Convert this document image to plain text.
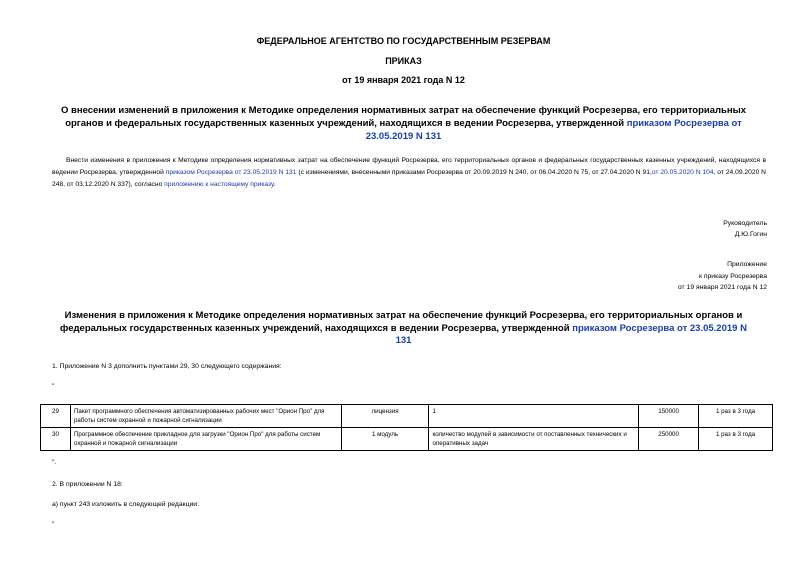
ФЕДЕРАЛЬНОЕ АГЕНТСТВО ПО ГОСУДАРСТВЕННЫМ РЕЗЕРВАМ
ПРИКАЗ
от 19 января 2021 года N 12
О внесении изменений в приложения к Методике определения нормативных затрат на обеспечение функций Росрезерва, его территориальных органов и федеральных государственных казенных учреждений, находящихся в ведении Росрезерва, утвержденной приказом Росрезерва от 23.05.2019 N 131
Внести изменения в приложения к Методике определения нормативных затрат на обеспечение функций Росрезерва, его территориальных органов и федеральных государственных казенных учреждений, находящихся в ведении Росрезерва, утвержденной приказом Росрезерва от 23.05.2019 N 131 (с изменениями, внесенными приказами Росрезерва от 20.09.2019 N 240, от 06.04.2020 N 75, от 27.04.2020 N 91,от 20.05.2020 N 104, от 24.09.2020 N 248, от 03.12.2020 N 337), согласно приложению к настоящему приказу.
Руководитель
Д.Ю.Гогин
Приложение
к приказу Росрезерва
от 19 января 2021 года N 12
Изменения в приложения к Методике определения нормативных затрат на обеспечение функций Росрезерва, его территориальных органов и федеральных государственных казенных учреждений, находящихся в ведении Росрезерва, утвержденной приказом Росрезерва от 23.05.2019 N 131
1. Приложение N 3 дополнить пунктами 29, 30 следующего содержания:
"
29	Пакет программного обеспечения автоматизированных рабочих мест "Орион Про" для работы систем охранной и пожарной сигнализации	лицензия	1	150000	1 раз в 3 года
30	Программное обеспечение прикладное для загрузки "Орион Про" для работы систем охранной и пожарной сигнализации	1 модуль	количество модулей в зависимости от поставленных технических и оперативных задач	250000	1 раз в 3 года
".
2. В приложении N 18:
а) пункт 243 изложить в следующей редакции:
"
